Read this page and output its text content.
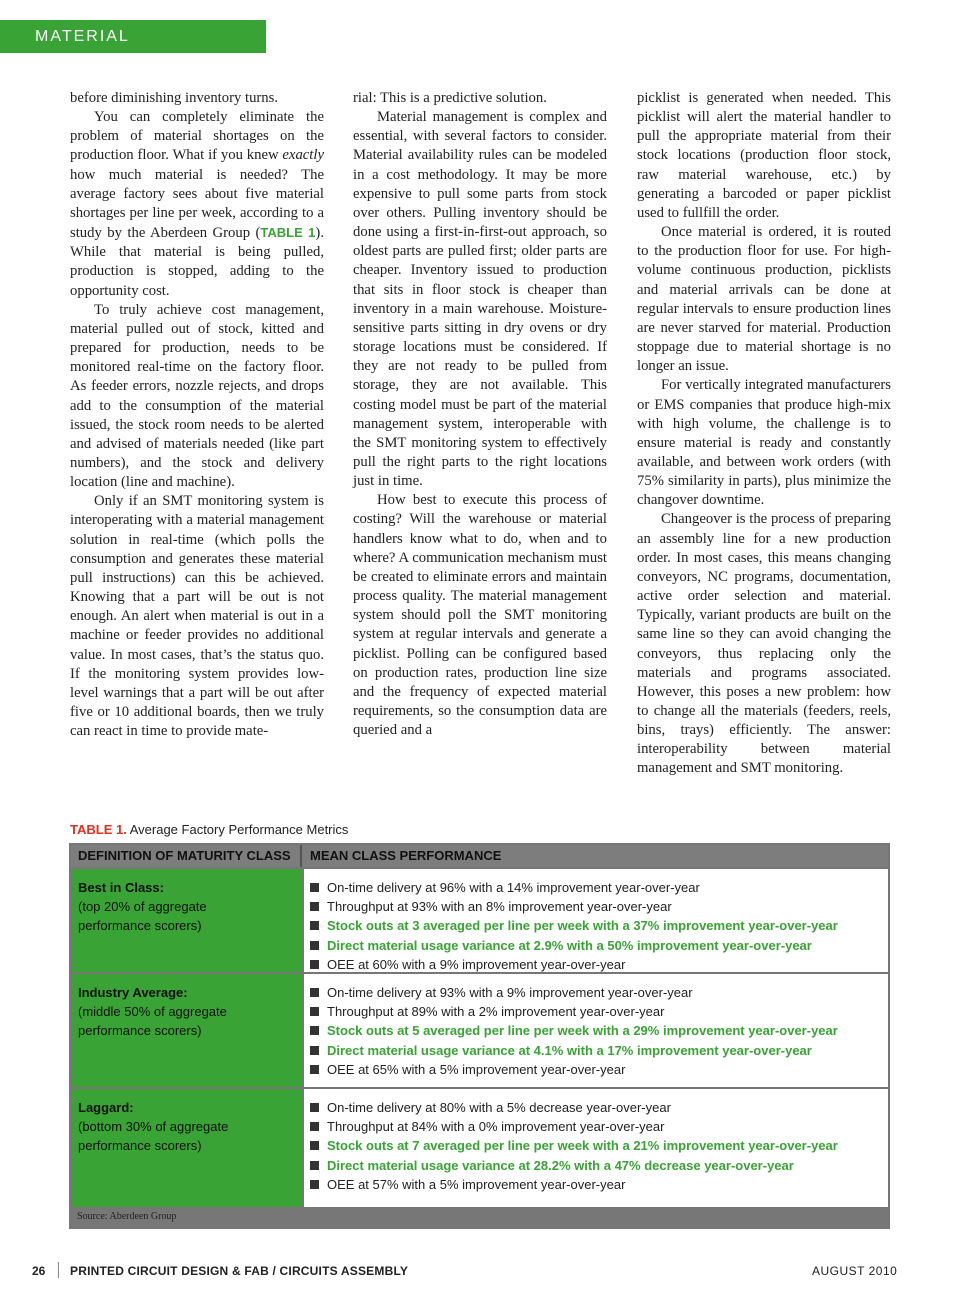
MATERIAL MANAGEMENT

before diminishing inventory turns.

You can completely eliminate the problem of material shortages on the production floor. What if you knew exactly how much material is needed? The average factory sees about five material shortages per line per week, according to a study by the Aberdeen Group (TABLE 1). While that material is being pulled, production is stopped, adding to the opportunity cost.

To truly achieve cost management, material pulled out of stock, kitted and prepared for production, needs to be monitored real-time on the factory floor. As feeder errors, nozzle rejects, and drops add to the consumption of the material issued, the stock room needs to be alerted and advised of materials needed (like part numbers), and the stock and delivery location (line and machine).

Only if an SMT monitoring system is interoperating with a material management solution in real-time (which polls the consumption and generates these material pull instructions) can this be achieved. Knowing that a part will be out is not enough. An alert when material is out in a machine or feeder provides no additional value. In most cases, that’s the status quo. If the monitoring system provides low-level warnings that a part will be out after five or 10 additional boards, then we truly can react in time to provide mate-

rial: This is a predictive solution.

Material management is complex and essential, with several factors to consider. Material availability rules can be modeled in a cost methodology. It may be more expensive to pull some parts from stock over others. Pulling inventory should be done using a first-in-first-out approach, so oldest parts are pulled first; older parts are cheaper. Inventory issued to production that sits in floor stock is cheaper than inventory in a main warehouse. Moisture-sensitive parts sitting in dry ovens or dry storage locations must be considered. If they are not ready to be pulled from storage, they are not available. This costing model must be part of the material management system, interoperable with the SMT monitoring system to effectively pull the right parts to the right locations just in time.

How best to execute this process of costing? Will the warehouse or material handlers know what to do, when and to where? A communication mechanism must be created to eliminate errors and maintain process quality. The material management system should poll the SMT monitoring system at regular intervals and generate a picklist. Polling can be configured based on production rates, production line size and the frequency of expected material requirements, so the consumption data are queried and a

picklist is generated when needed. This picklist will alert the material handler to pull the appropriate material from their stock locations (production floor stock, raw material warehouse, etc.) by generating a barcoded or paper picklist used to fullfill the order.

Once material is ordered, it is routed to the production floor for use. For high-volume continuous production, picklists and material arrivals can be done at regular intervals to ensure production lines are never starved for material. Production stoppage due to material shortage is no longer an issue.

For vertically integrated manufacturers or EMS companies that produce high-mix with high volume, the challenge is to ensure material is ready and constantly available, and between work orders (with 75% similarity in parts), plus minimize the changover downtime.

Changeover is the process of preparing an assembly line for a new production order. In most cases, this means changing conveyors, NC programs, documentation, active order selection and material. Typically, variant products are built on the same line so they can avoid changing the conveyors, thus replacing only the materials and programs associated. However, this poses a new problem: how to change all the materials (feeders, reels, bins, trays) efficiently. The answer: interoperability between material management and SMT monitoring.

TABLE 1. Average Factory Performance Metrics
DEFINITION OF MATURITY CLASS MEAN CLASS PERFORMANCE
Best in Class:
(top 20% of aggregate
performance scorers)
On-time delivery at 96% with a 14% improvement year-over-year
Throughput at 93% with an 8% improvement year-over-year
Stock outs at 3 averaged per line per week with a 37% improvement year-over-year
Direct material usage variance at 2.9% with a 50% improvement year-over-year
OEE at 60% with a 9% improvement year-over-year
Industry Average:
(middle 50% of aggregate
performance scorers)
On-time delivery at 93% with a 9% improvement year-over-year
Throughput at 89% with a 2% improvement year-over-year
Stock outs at 5 averaged per line per week with a 29% improvement year-over-year
Direct material usage variance at 4.1% with a 17% improvement year-over-year
OEE at 65% with a 5% improvement year-over-year
Laggard:
(bottom 30% of aggregate
performance scorers)
On-time delivery at 80% with a 5% decrease year-over-year
Throughput at 84% with a 0% improvement year-over-year
Stock outs at 7 averaged per line per week with a 21% improvement year-over-year
Direct material usage variance at 28.2% with a 47% decrease year-over-year
OEE at 57% with a 5% improvement year-over-year
Source: Aberdeen Group
26 PRINTED CIRCUIT DESIGN & FAB / CIRCUITS ASSEMBLY	AUGUST 2010
